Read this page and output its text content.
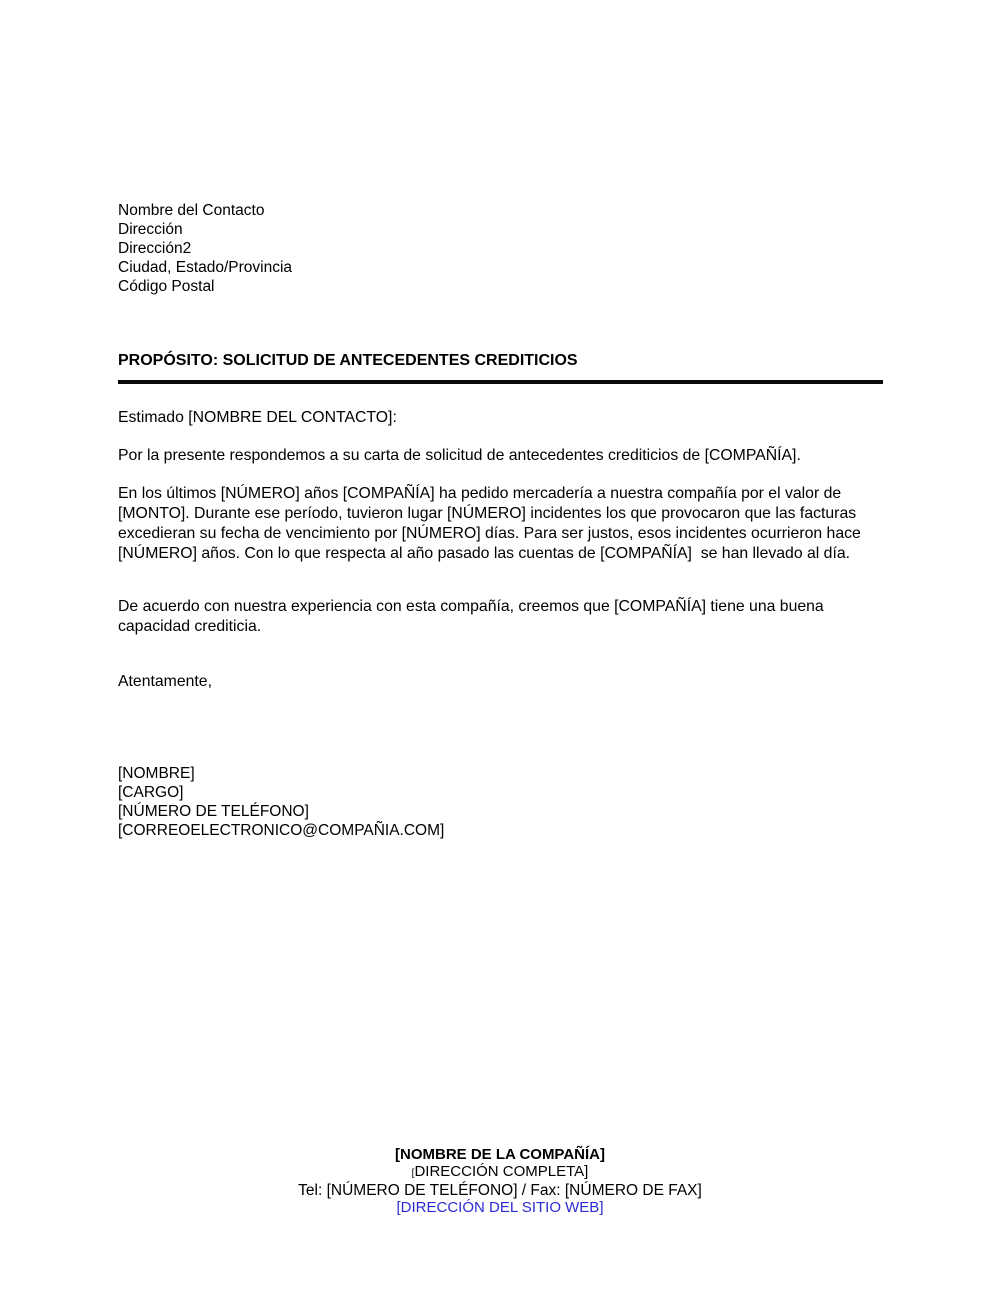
Nombre del Contacto
Dirección
Dirección2
Ciudad, Estado/Provincia
Código Postal
PROPÓSITO: SOLICITUD DE ANTECEDENTES CREDITICIOS
Estimado [NOMBRE DEL CONTACTO]:
Por la presente respondemos a su carta de solicitud de antecedentes crediticios de [COMPAÑÍA].
En los últimos [NÚMERO] años [COMPAÑÍA] ha pedido mercadería a nuestra compañía por el valor de [MONTO]. Durante ese período, tuvieron lugar [NÚMERO] incidentes los que provocaron que las facturas excedieran su fecha de vencimiento por [NÚMERO] días. Para ser justos, esos incidentes ocurrieron hace [NÚMERO] años. Con lo que respecta al año pasado las cuentas de [COMPAÑÍA]  se han llevado al día.
De acuerdo con nuestra experiencia con esta compañía, creemos que [COMPAÑÍA] tiene una buena capacidad crediticia.
Atentamente,
[NOMBRE]
[CARGO]
[NÚMERO DE TELÉFONO]
[CORREOELECTRONICO@COMPAÑIA.COM]
[NOMBRE DE LA COMPAÑÍA]
[DIRECCIÓN COMPLETA]
Tel: [NÚMERO DE TELÉFONO] / Fax: [NÚMERO DE FAX]
[DIRECCIÓN DEL SITIO WEB]
